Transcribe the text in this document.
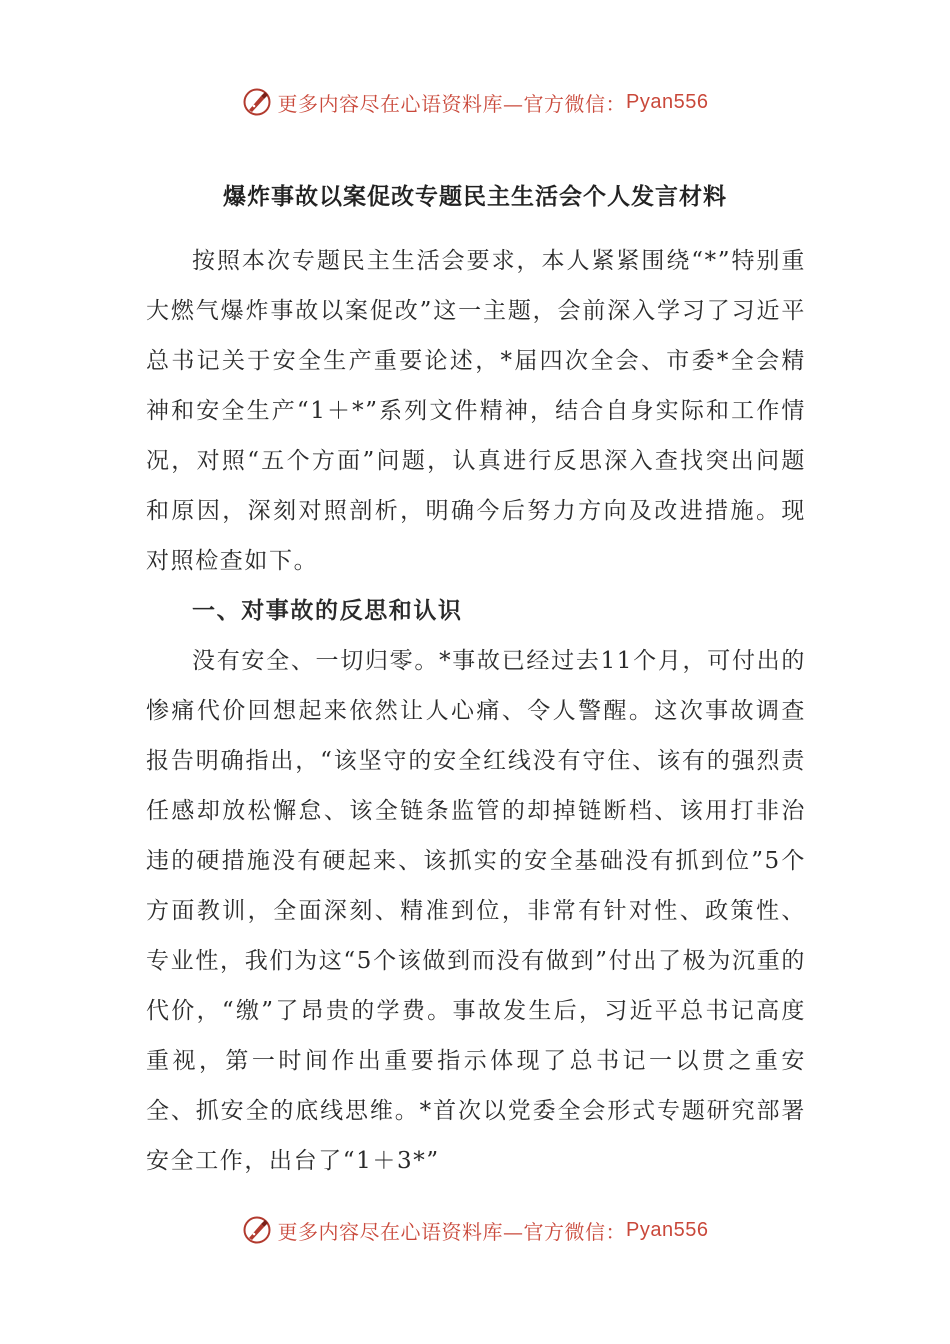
更多内容尽在心语资料库—官方微信： Pyan556
爆炸事故以案促改专题民主生活会个人发言材料

按照本次专题民主生活会要求，本人紧紧围绕“*”特别重大燃气爆炸事故以案促改”这一主题，会前深入学习了习近平总书记关于安全生产重要论述，*届四次全会、市委*全会精神和安全生产“1＋*”系列文件精神，结合自身实际和工作情况，对照“五个方面”问题，认真进行反思深入查找突出问题和原因，深刻对照剖析，明确今后努力方向及改进措施。现对照检查如下。

一、对事故的反思和认识

没有安全、一切归零。*事故已经过去11个月，可付出的惨痛代价回想起来依然让人心痛、令人警醒。这次事故调查报告明确指出，“该坚守的安全红线没有守住、该有的强烈责任感却放松懈怠、该全链条监管的却掉链断档、该用打非治违的硬措施没有硬起来、该抓实的安全基础没有抓到位”5个方面教训，全面深刻、精准到位，非常有针对性、政策性、专业性，我们为这“5个该做到而没有做到”付出了极为沉重的代价，“缴”了昂贵的学费。事故发生后，习近平总书记高度重视，第一时间作出重要指示体现了总书记一以贯之重安全、抓安全的底线思维。*首次以党委全会形式专题研究部署安全工作，出台了“1＋3*”

更多内容尽在心语资料库—官方微信： Pyan556
